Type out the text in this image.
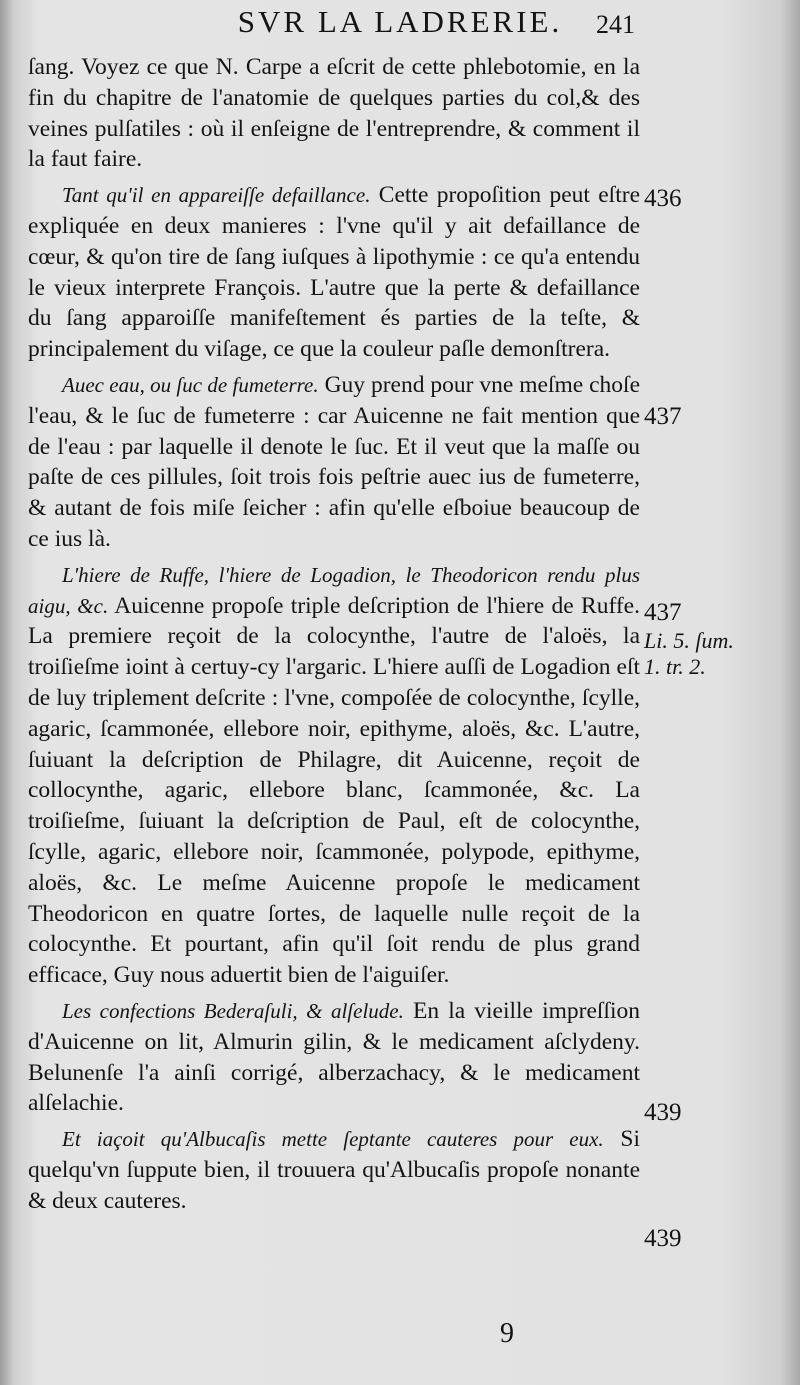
SVR LA LADRERIE.	241

ſang. Voyez ce que N. Carpe a eſcrit de cette phlebotomie, en la fin du chapitre de l'anatomie de quelques parties du col,& des veines pulſatiles : où il enſeigne de l'entreprendre, & comment il la faut faire.

Tant qu'il en appareiſſe defaillance. Cette propoſition peut eſtre expliquée en deux manieres : l'vne qu'il y ait defaillance de cœur, & qu'on tire de ſang iuſques à lipothymie : ce qu'a entendu le vieux interprete François. L'autre que la perte & defaillance du ſang apparoiſſe manifeſtement és parties de la teſte, & principalement du viſage, ce que la couleur paſle demonſtrera.

Auec eau, ou ſuc de fumeterre. Guy prend pour vne meſme choſe l'eau, & le ſuc de fumeterre : car Auicenne ne fait mention que de l'eau : par laquelle il denote le ſuc. Et il veut que la maſſe ou paſte de ces pillules, ſoit trois fois peſtrie auec ius de fumeterre, & autant de fois miſe ſeicher : afin qu'elle eſboiue beaucoup de ce ius là.

L'hiere de Ruffe, l'hiere de Logadion, le Theodoricon rendu plus aigu, &c. Auicenne propoſe triple deſcription de l'hiere de Ruffe. La premiere reçoit de la colocynthe, l'autre de l'aloës, la troiſieſme ioint à certuy-cy l'argaric. L'hiere auſſi de Logadion eſt de luy triplement deſcrite : l'vne, compoſée de colocynthe, ſcylle, agaric, ſcammonée, ellebore noir, epithyme, aloës, &c. L'autre, ſuiuant la deſcription de Philagre, dit Auicenne, reçoit de collocynthe, agaric, ellebore blanc, ſcammonée, &c. La troiſieſme, ſuiuant la deſcription de Paul, eſt de colocynthe, ſcylle, agaric, ellebore noir, ſcammonée, polypode, epithyme, aloës, &c. Le meſme Auicenne propoſe le medicament Theodoricon en quatre ſortes, de laquelle nulle reçoit de la colocynthe. Et pourtant, afin qu'il ſoit rendu de plus grand efficace, Guy nous aduertit bien de l'aiguiſer.

Les confections Bederaſuli, & alſelude. En la vieille impreſſion d'Auicenne on lit, Almurin gilin, & le medicament aſclydeny. Belunenſe l'a ainſi corrigé, alberzachacy, & le medicament alſelachie.

Et iaçoit qu'Albucaſis mette ſeptante cauteres pour eux. Si quelqu'vn ſuppute bien, il trouuera qu'Albucaſis propoſe nonante & deux cauteres.

436
437
437
Li. 5. ſum.
1. tr. 2.
439
439
9
